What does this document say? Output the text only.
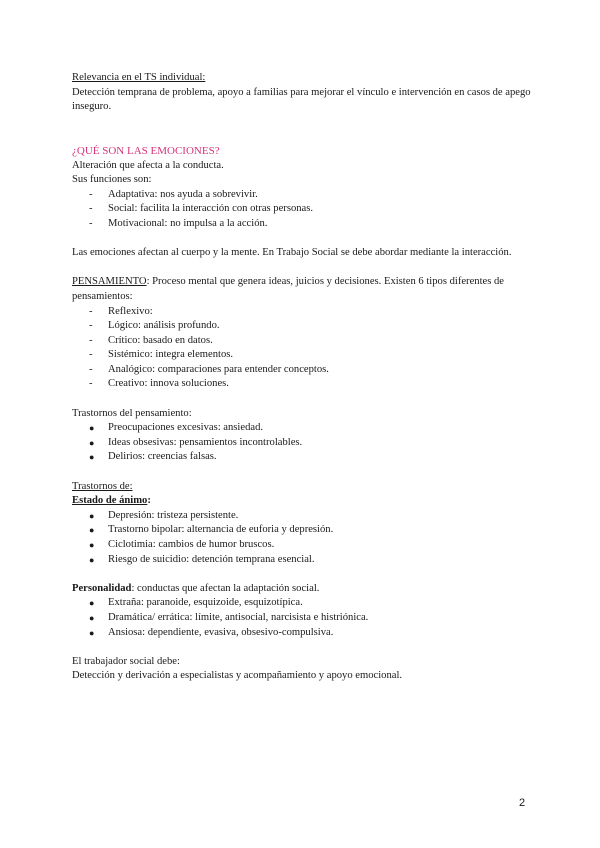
Relevancia en el TS individual:

Detección temprana de problema, apoyo a familias para mejorar el vínculo e intervención en casos de apego inseguro.

¿QUÉ SON LAS EMOCIONES?

Alteración que afecta a la conducta.

Sus funciones son:

- Adaptativa: nos ayuda a sobrevivir.
- Social: facilita la interacción con otras personas.
- Motivacional: no impulsa a la acción.

Las emociones afectan al cuerpo y la mente. En Trabajo Social se debe abordar mediante la interacción.

PENSAMIENTO: Proceso mental que genera ideas, juicios y decisiones. Existen 6 tipos diferentes de pensamientos:

- Reflexivo:
- Lógico: análisis profundo.
- Crítico: basado en datos.
- Sistémico: integra elementos.
- Analógico: comparaciones para entender conceptos.
- Creativo: innova soluciones.

Trastornos del pensamiento:

● Preocupaciones excesivas: ansiedad.
● Ideas obsesivas: pensamientos incontrolables.
● Delirios: creencias falsas.

Trastornos de:

Estado de ánimo:

● Depresión: tristeza persistente.
● Trastorno bipolar: alternancia de euforia y depresión.
● Ciclotimia: cambios de humor bruscos.
● Riesgo de suicidio: detención temprana esencial.

Personalidad: conductas que afectan la adaptación social.

● Extraña: paranoide, esquizoide, esquizotípica.
● Dramática/ errática: límite, antisocial, narcisista e histriónica.
● Ansiosa: dependiente, evasiva, obsesivo-compulsiva.

El trabajador social debe:

Detección y derivación a especialistas y acompañamiento y apoyo emocional.

2
